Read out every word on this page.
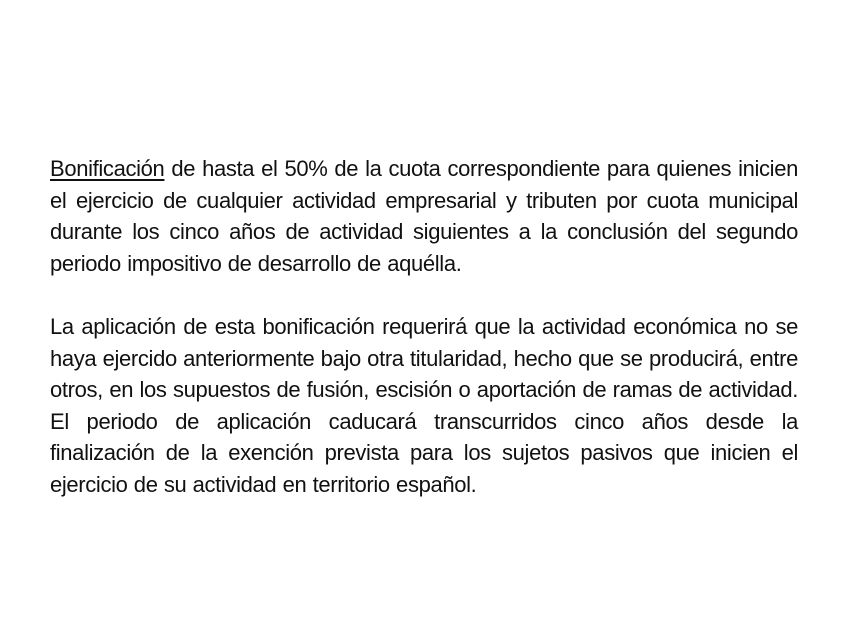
Bonificación de hasta el 50% de la cuota correspondiente para quienes inicien el ejercicio de cualquier actividad empresarial y tributen por cuota municipal durante los cinco años de actividad siguientes a la conclusión del segundo periodo impositivo de desarrollo de aquélla.

La aplicación de esta bonificación requerirá que la actividad económica no se haya ejercido anteriormente bajo otra titularidad, hecho que se producirá, entre otros, en los supuestos de fusión, escisión o aportación de ramas de actividad. El periodo de aplicación caducará transcurridos cinco años desde la finalización de la exención prevista para los sujetos pasivos que inicien el ejercicio de su actividad en territorio español.
